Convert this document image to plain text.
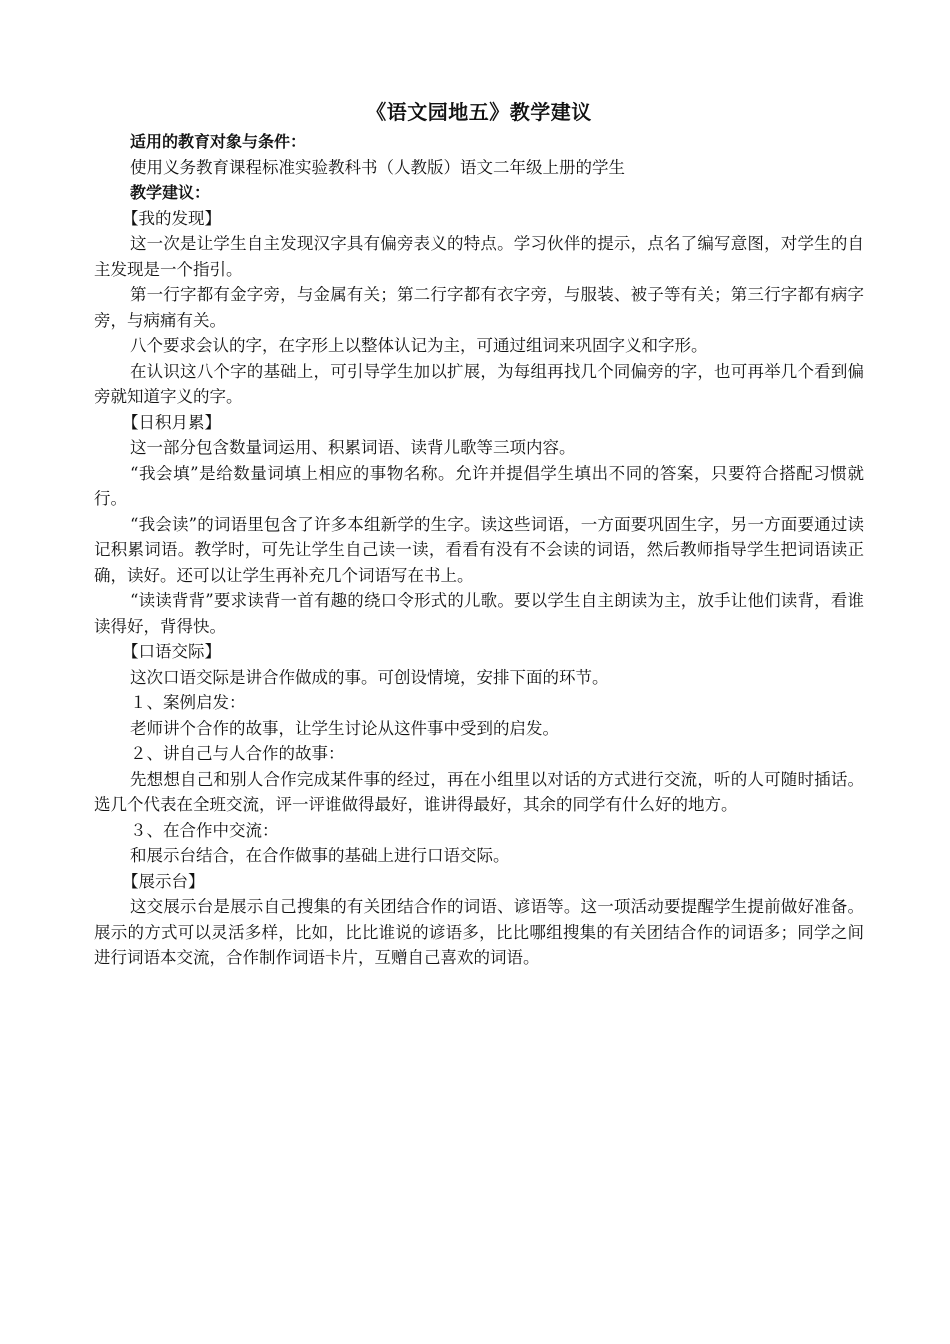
《语文园地五》教学建议

适用的教育对象与条件：

使用义务教育课程标准实验教科书（人教版）语文二年级上册的学生

教学建议：

【我的发现】

这一次是让学生自主发现汉字具有偏旁表义的特点。学习伙伴的提示，点名了编写意图，对学生的自主发现是一个指引。

第一行字都有金字旁，与金属有关；第二行字都有衣字旁，与服装、被子等有关；第三行字都有病字旁，与病痛有关。

八个要求会认的字，在字形上以整体认记为主，可通过组词来巩固字义和字形。

在认识这八个字的基础上，可引导学生加以扩展，为每组再找几个同偏旁的字，也可再举几个看到偏旁就知道字义的字。

【日积月累】

这一部分包含数量词运用、积累词语、读背儿歌等三项内容。

“我会填”是给数量词填上相应的事物名称。允许并提倡学生填出不同的答案，只要符合搭配习惯就行。

“我会读”的词语里包含了许多本组新学的生字。读这些词语，一方面要巩固生字，另一方面要通过读记积累词语。教学时，可先让学生自己读一读，看看有没有不会读的词语，然后教师指导学生把词语读正确，读好。还可以让学生再补充几个词语写在书上。

“读读背背”要求读背一首有趣的绕口令形式的儿歌。要以学生自主朗读为主，放手让他们读背，看谁读得好，背得快。

【口语交际】

这次口语交际是讲合作做成的事。可创设情境，安排下面的环节。

１、案例启发：

老师讲个合作的故事，让学生讨论从这件事中受到的启发。

２、讲自己与人合作的故事：

先想想自己和别人合作完成某件事的经过，再在小组里以对话的方式进行交流，听的人可随时插话。选几个代表在全班交流，评一评谁做得最好，谁讲得最好，其余的同学有什么好的地方。

３、在合作中交流：

和展示台结合，在合作做事的基础上进行口语交际。

【展示台】

这交展示台是展示自己搜集的有关团结合作的词语、谚语等。这一项活动要提醒学生提前做好准备。展示的方式可以灵活多样，比如，比比谁说的谚语多，比比哪组搜集的有关团结合作的词语多；同学之间进行词语本交流，合作制作词语卡片，互赠自己喜欢的词语。
